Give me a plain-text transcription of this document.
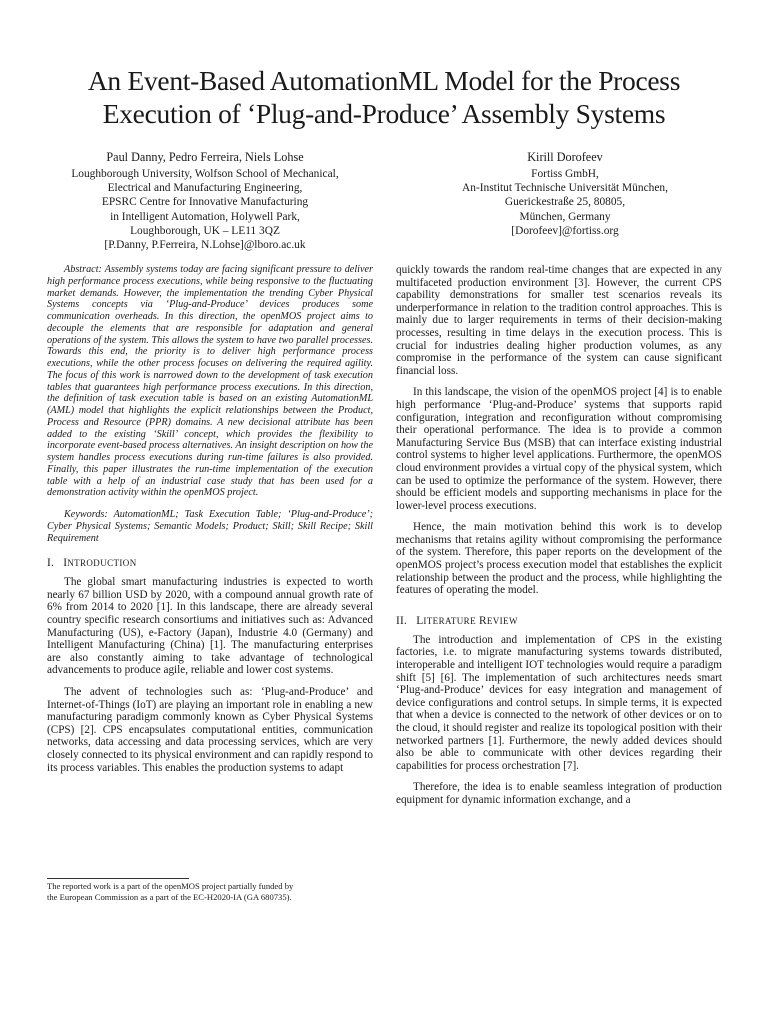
An Event-Based AutomationML Model for the Process
Execution of ‘Plug-and-Produce’ Assembly Systems
Paul Danny, Pedro Ferreira, Niels Lohse
Loughborough University, Wolfson School of Mechanical,
Electrical and Manufacturing Engineering,
EPSRC Centre for Innovative Manufacturing
in Intelligent Automation, Holywell Park,
Loughborough, UK – LE11 3QZ
[P.Danny, P.Ferreira, N.Lohse]@lboro.ac.uk
Kirill Dorofeev
Fortiss GmbH,
An-Institut Technische Universität München,
Guerickestraße 25, 80805,
München, Germany
[Dorofeev]@fortiss.org

Abstract: Assembly systems today are facing significant pressure to deliver high performance process executions, while being responsive to the fluctuating market demands. However, the implementation the trending Cyber Physical Systems concepts via ‘Plug-and-Produce’ devices produces some communication overheads. In this direction, the openMOS project aims to decouple the elements that are responsible for adaptation and general operations of the system. This allows the system to have two parallel processes. Towards this end, the priority is to deliver high performance process executions, while the other process focuses on delivering the required agility. The focus of this work is narrowed down to the development of task execution tables that guarantees high performance process executions. In this direction, the definition of task execution table is based on an existing AutomationML (AML) model that highlights the explicit relationships between the Product, Process and Resource (PPR) domains. A new decisional attribute has been added to the existing ‘Skill’ concept, which provides the flexibility to incorporate event-based process alternatives. An insight description on how the system handles process executions during run-time failures is also provided. Finally, this paper illustrates the run-time implementation of the execution table with a help of an industrial case study that has been used for a demonstration activity within the openMOS project.

Keywords: AutomationML; Task Execution Table; ‘Plug-and-Produce’; Cyber Physical Systems; Semantic Models; Product; Skill; Skill Recipe; Skill Requirement

I. INTRODUCTION

The global smart manufacturing industries is expected to worth nearly 67 billion USD by 2020, with a compound annual growth rate of 6% from 2014 to 2020 [1]. In this landscape, there are already several country specific research consortiums and initiatives such as: Advanced Manufacturing (US), e-Factory (Japan), Industrie 4.0 (Germany) and Intelligent Manufacturing (China) [1]. The manufacturing enterprises are also constantly aiming to take advantage of technological advancements to produce agile, reliable and lower cost systems.

The advent of technologies such as: ‘Plug-and-Produce’ and Internet-of-Things (IoT) are playing an important role in enabling a new manufacturing paradigm commonly known as Cyber Physical Systems (CPS) [2]. CPS encapsulates computational entities, communication networks, data accessing and data processing services, which are very closely connected to its physical environment and can rapidly respond to its process variables. This enables the production systems to adapt

quickly towards the random real-time changes that are expected in any multifaceted production environment [3]. However, the current CPS capability demonstrations for smaller test scenarios reveals its underperformance in relation to the tradition control approaches. This is mainly due to larger requirements in terms of their decision-making processes, resulting in time delays in the execution process. This is crucial for industries dealing higher production volumes, as any compromise in the performance of the system can cause significant financial loss.

In this landscape, the vision of the openMOS project [4] is to enable high performance ‘Plug-and-Produce’ systems that supports rapid configuration, integration and reconfiguration without compromising their operational performance. The idea is to provide a common Manufacturing Service Bus (MSB) that can interface existing industrial control systems to higher level applications. Furthermore, the openMOS cloud environment provides a virtual copy of the physical system, which can be used to optimize the performance of the system. However, there should be efficient models and supporting mechanisms in place for the lower-level process executions.

Hence, the main motivation behind this work is to develop mechanisms that retains agility without compromising the performance of the system. Therefore, this paper reports on the development of the openMOS project’s process execution model that establishes the explicit relationship between the product and the process, while highlighting the features of operating the model.

II. LITERATURE REVIEW

The introduction and implementation of CPS in the existing factories, i.e. to migrate manufacturing systems towards distributed, interoperable and intelligent IOT technologies would require a paradigm shift [5] [6]. The implementation of such architectures needs smart ‘Plug-and-Produce’ devices for easy integration and management of device configurations and control setups. In simple terms, it is expected that when a device is connected to the network of other devices or on to the cloud, it should register and realize its topological position with their networked partners [1]. Furthermore, the newly added devices should also be able to communicate with other devices regarding their capabilities for process orchestration [7].

Therefore, the idea is to enable seamless integration of production equipment for dynamic information exchange, and a

The reported work is a part of the openMOS project partially funded by
the European Commission as a part of the EC-H2020-IA (GA 680735).
